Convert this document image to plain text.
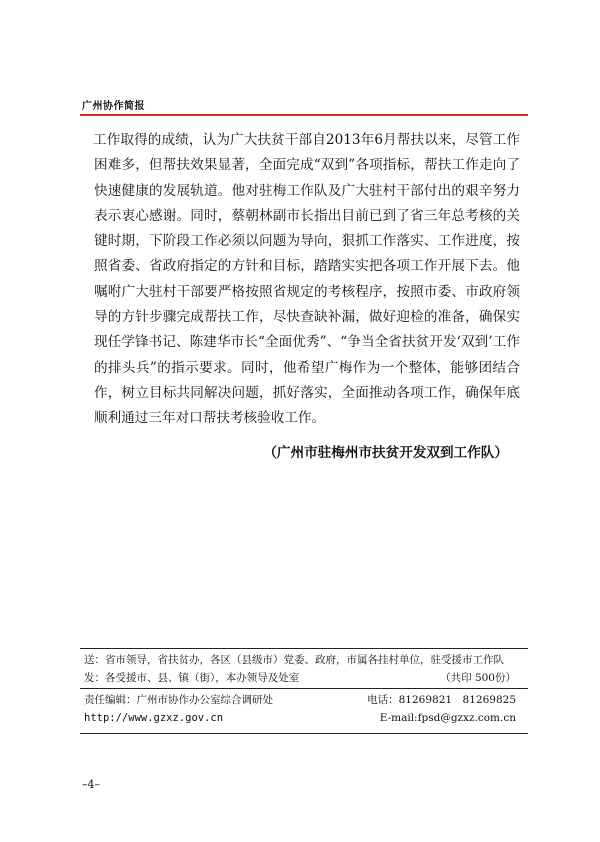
广州协作简报

工作取得的成绩，认为广大扶贫干部自2013年6月帮扶以来，尽管工作困难多，但帮扶效果显著，全面完成“双到”各项指标，帮扶工作走向了快速健康的发展轨道。他对驻梅工作队及广大驻村干部付出的艰辛努力表示衷心感谢。同时，蔡朝林副市长指出目前已到了省三年总考核的关键时期，下阶段工作必须以问题为导向，狠抓工作落实、工作进度，按照省委、省政府指定的方针和目标，踏踏实实把各项工作开展下去。他嘱咐广大驻村干部要严格按照省规定的考核程序，按照市委、市政府领导的方针步骤完成帮扶工作，尽快查缺补漏，做好迎检的准备，确保实现任学锋书记、陈建华市长“全面优秀”、“争当全省扶贫开发‘双到’工作的排头兵”的指示要求。同时，他希望广梅作为一个整体，能够团结合作，树立目标共同解决问题，抓好落实，全面推动各项工作，确保年底顺利通过三年对口帮扶考核验收工作。

（广州市驻梅州市扶贫开发双到工作队）
送：省市领导，省扶贫办，各区（县级市）党委、政府，市属各挂村单位，驻受援市工作队
发：各受援市、县、镇（街），本办领导及处室	（共印 500份）
责任编辑：广州市协作办公室综合调研处	电话：81269821　81269825
http://www.gzxz.gov.cn	E-mail:fpsd@gzxz.com.cn
–4–
